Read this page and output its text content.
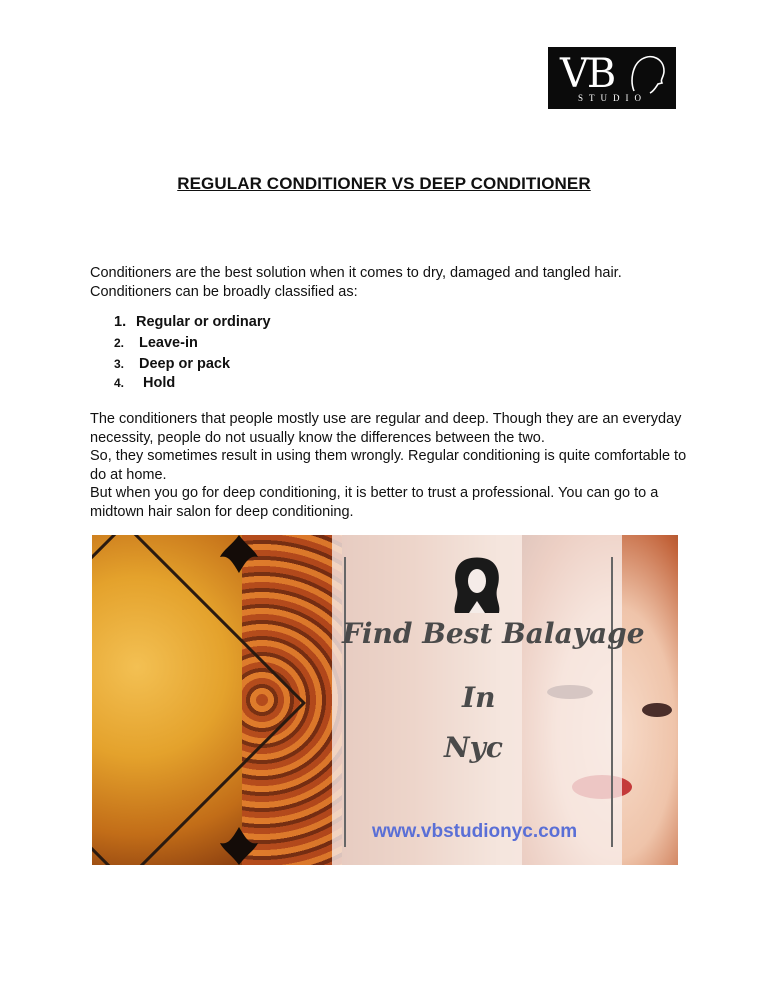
VB
STUDIO
REGULAR CONDITIONER VS DEEP CONDITIONER

Conditioners are the best solution when it comes to dry, damaged and tangled hair.

Conditioners can be broadly classified as:

1. Regular or ordinary
2. Leave-in
3. Deep or pack
4. Hold

The conditioners that people mostly use are regular and deep. Though they are an everyday necessity, people do not usually know the differences between the two.

So, they sometimes result in using them wrongly. Regular conditioning is quite comfortable to do at home.

But when you go for deep conditioning, it is better to trust a professional. You can go to a midtown hair salon for deep conditioning.

Find Best Balayage
In
Nyc
www.vbstudionyc.com
